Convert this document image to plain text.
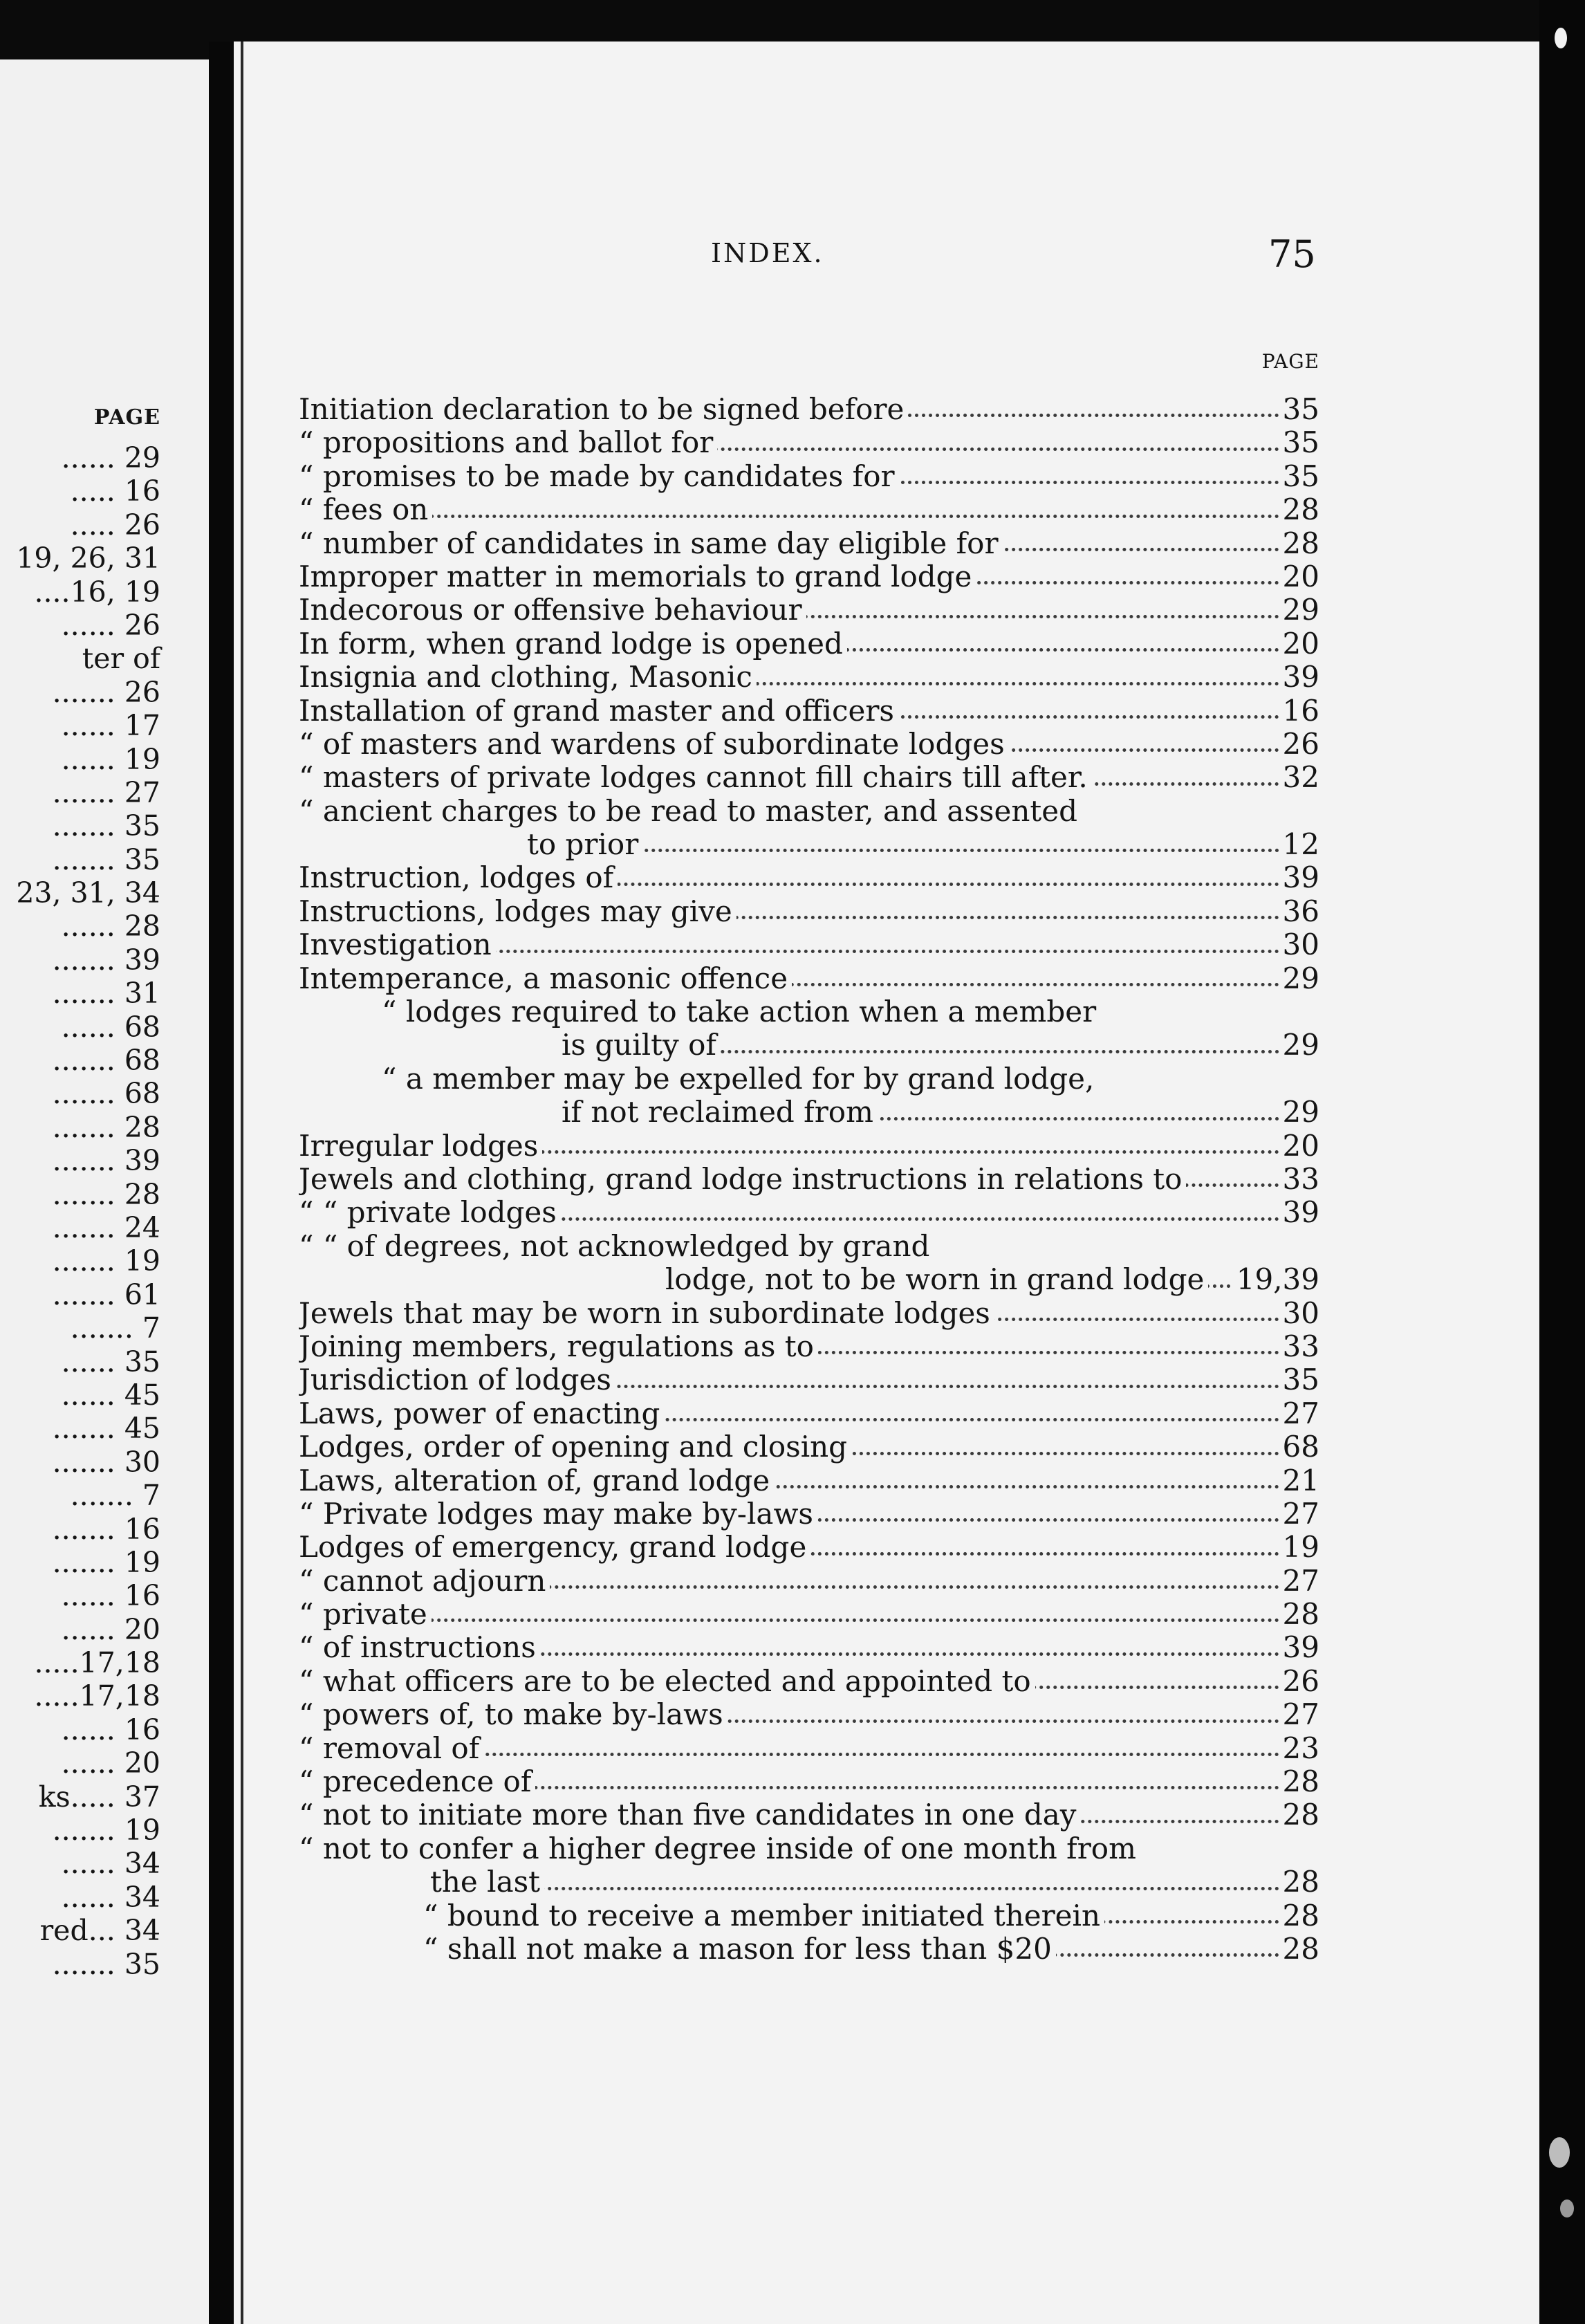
PAGE
...... 29
..... 16
..... 26
19, 26, 31
....16, 19
...... 26
ter of
....... 26
...... 17
...... 19
....... 27
....... 35
....... 35
23, 31, 34
...... 28
....... 39
....... 31
...... 68
....... 68
....... 68
....... 28
....... 39
....... 28
....... 24
....... 19
....... 61
....... 7
...... 35
...... 45
....... 45
....... 30
....... 7
....... 16
....... 19
...... 16
...... 20
.....17,18
.....17,18
...... 16
...... 20
ks..... 37
....... 19
...... 34
...... 34
red... 34
....... 35
INDEX.	75
PAGE
Initiation declaration to be signed before	35
“ propositions and ballot for	35
“ promises to be made by candidates for	35
“ fees on	28
“ number of candidates in same day eligible for	28
Improper matter in memorials to grand lodge	20
Indecorous or offensive behaviour	29
In form, when grand lodge is opened	20
Insignia and clothing, Masonic	39
Installation of grand master and officers	16
“ of masters and wardens of subordinate lodges	26
“ masters of private lodges cannot fill chairs till after.	32
“ ancient charges to be read to master, and assented
to prior	12
Instruction, lodges of	39
Instructions, lodges may give	36
Investigation	30
Intemperance, a masonic offence	29
“ lodges required to take action when a member
is guilty of	29
“ a member may be expelled for by grand lodge,
if not reclaimed from	29
Irregular lodges	20
Jewels and clothing, grand lodge instructions in relations to	33
“ “ private lodges	39
“ “ of degrees, not acknowledged by grand
lodge, not to be worn in grand lodge 19,39
Jewels that may be worn in subordinate lodges	30
Joining members, regulations as to	33
Jurisdiction of lodges	35
Laws, power of enacting	27
Lodges, order of opening and closing	68
Laws, alteration of, grand lodge	21
“ Private lodges may make by-laws	27
Lodges of emergency, grand lodge	19
“ cannot adjourn	27
“ private	28
“ of instructions	39
“ what officers are to be elected and appointed to	26
“ powers of, to make by-laws	27
“ removal of	23
“ precedence of	28
“ not to initiate more than five candidates in one day	28
“ not to confer a higher degree inside of one month from
the last	28
“ bound to receive a member initiated therein	28
“ shall not make a mason for less than $20	28
